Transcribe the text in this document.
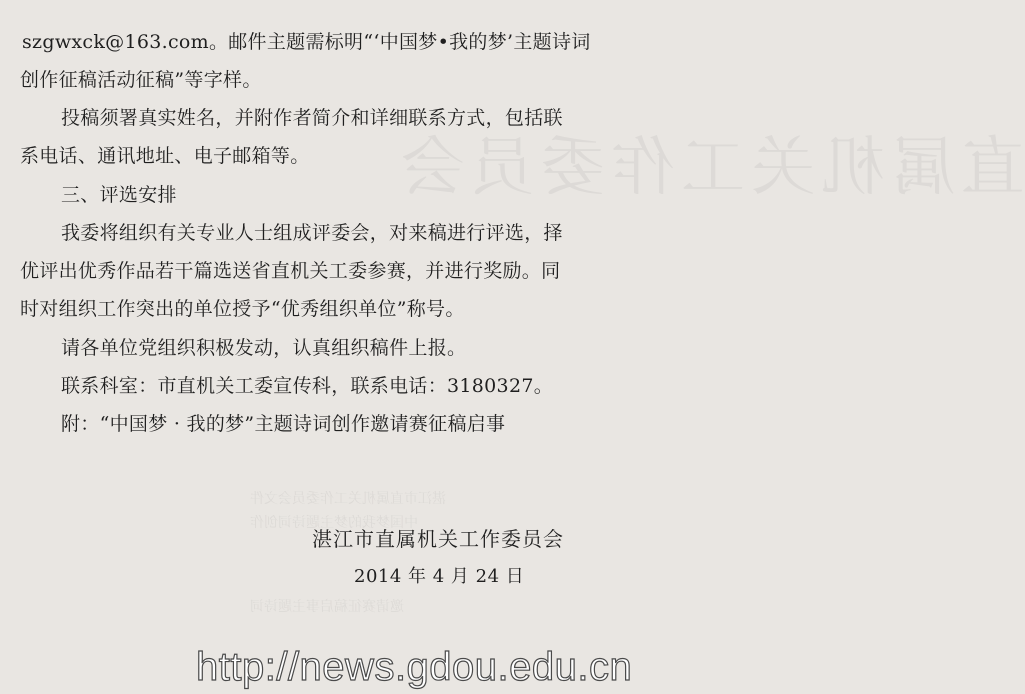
直属机关工作委员会
湛江市直属机关工作委员会文件
中国梦我的梦主题诗词创作
邀请赛征稿启事主题诗词
szgwxck@163.com。邮件主题需标明“‘中国梦•我的梦’主题诗词
创作征稿活动征稿”等字样。
投稿须署真实姓名，并附作者简介和详细联系方式，包括联
系电话、通讯地址、电子邮箱等。
三、评选安排
我委将组织有关专业人士组成评委会，对来稿进行评选，择
优评出优秀作品若干篇选送省直机关工委参赛，并进行奖励。同
时对组织工作突出的单位授予“优秀组织单位”称号。
请各单位党组织积极发动，认真组织稿件上报。
联系科室：市直机关工委宣传科，联系电话：3180327。
附：“中国梦 · 我的梦”主题诗词创作邀请赛征稿启事
湛江市直属机关工作委员会
2014 年 4 月 24 日
http://news.gdou.edu.cn
